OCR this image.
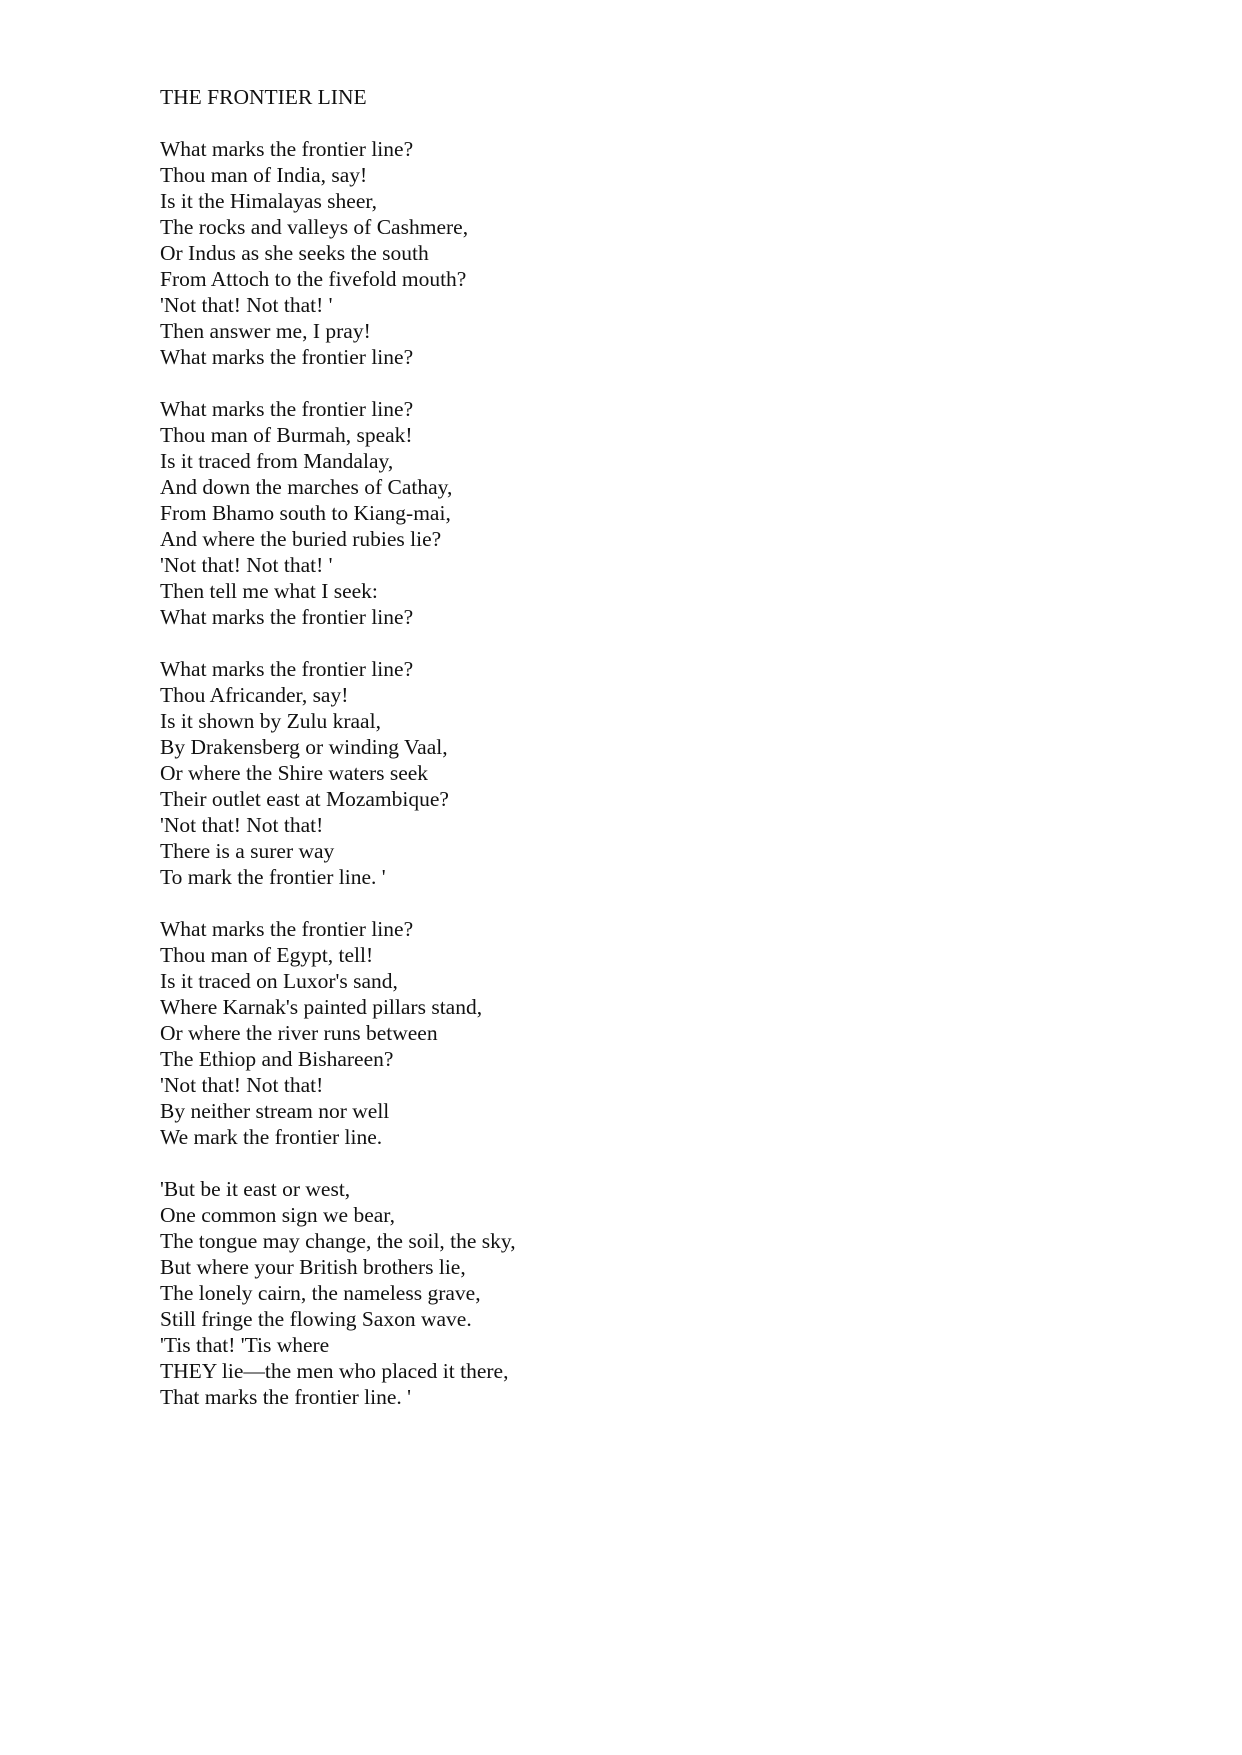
THE FRONTIER LINE
What marks the frontier line?
Thou man of India, say!
Is it the Himalayas sheer,
The rocks and valleys of Cashmere,
Or Indus as she seeks the south
From Attoch to the fivefold mouth?
'Not that! Not that! '
Then answer me, I pray!
What marks the frontier line?
What marks the frontier line?
Thou man of Burmah, speak!
Is it traced from Mandalay,
And down the marches of Cathay,
From Bhamo south to Kiang-mai,
And where the buried rubies lie?
'Not that! Not that! '
Then tell me what I seek:
What marks the frontier line?
What marks the frontier line?
Thou Africander, say!
Is it shown by Zulu kraal,
By Drakensberg or winding Vaal,
Or where the Shire waters seek
Their outlet east at Mozambique?
'Not that! Not that!
There is a surer way
To mark the frontier line. '
What marks the frontier line?
Thou man of Egypt, tell!
Is it traced on Luxor's sand,
Where Karnak's painted pillars stand,
Or where the river runs between
The Ethiop and Bishareen?
'Not that! Not that!
By neither stream nor well
We mark the frontier line.
'But be it east or west,
One common sign we bear,
The tongue may change, the soil, the sky,
But where your British brothers lie,
The lonely cairn, the nameless grave,
Still fringe the flowing Saxon wave.
'Tis that! 'Tis where
THEY lie—the men who placed it there,
That marks the frontier line. '
